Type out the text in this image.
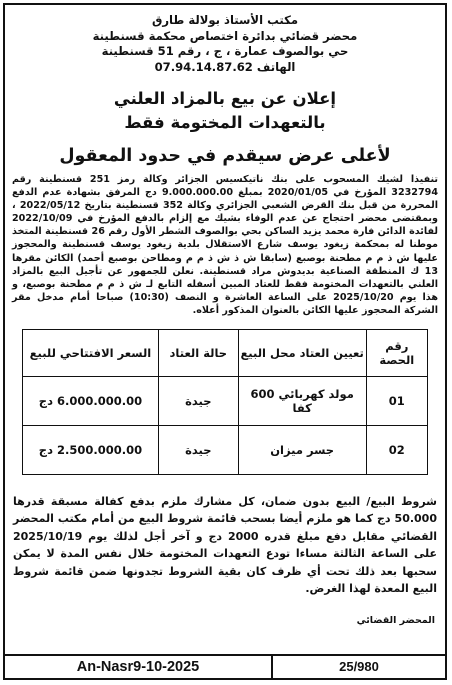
مكتب الأستاذ بولالة طارق
محضر قضائي بدائرة اختصاص محكمة قسنطينة
حي بوالصوف عمارة ، ج ، رقم 51 قسنطينة
الهاتف 07.94.14.87.62
إعلان عن بيع بالمزاد العلني
بالتعهدات المختومة فقط
لأعلى عرض سيقدم في حدود المعقول
تنفيذا لشيك المسحوب على بنك ناتيكسيس الجزائر وكالة رمز 251 قسنطينة رقم 3232794 المؤرخ في 2020/01/05 بمبلغ 9.000.000.00 دج المرفق بشهادة عدم الدفع المحررة من قبل بنك القرض الشعبي الجزائري وكالة 352 قسنطينة بتاريخ 2022/05/12 ، وبمقتضى محضر احتجاج عن عدم الوفاء بشيك مع إلزام بالدفع المؤرخ في 2022/10/09 لفائدة الدائن فارة محمد يزيد الساكن بحي بوالصوف الشطر الأول رقم 26 قسنطينة المتخذ موطنا له بمحكمة زيغود يوسف شارع الاستقلال بلدية زيغود يوسف قسنطينة والمحجوز عليها ش ذ م م مطحنة بوصبع (سابقا ش ذ ش ذ م م ومطاحن بوصبع أحمد) الكائن مقرها 13 ك المنطقة الصناعية بديدوش مراد قسنطينة. نعلن للجمهور عن تأجيل البيع بالمزاد العلني بالتعهدات المختومة فقط للعتاد المبين أسفله التابع لـ ش ذ م م مطحنة بوصبع، و هذا يوم 2025/10/20 على الساعة العاشرة و النصف (10:30) صباحا أمام مدخل مقر الشركة المحجوز عليها الكائن بالعنوان المذكور أعلاه.
رقم الحصة	تعيين العتاد محل البيع	حالة العتاد	السعر الافتتاحي للبيع
01	مولد كهربائي 600 كفا	جيدة	6.000.000.00 دج
02	جسر ميزان	جيدة	2.500.000.00 دج
شروط البيع/ البيع بدون ضمان، كل مشارك ملزم بدفع كفالة مسبقة قدرها 50.000 دج كما هو ملزم أيضا بسحب قائمة شروط البيع من أمام مكتب المحضر القضائي مقابل دفع مبلغ قدره 2000 دج و آخر أجل لذلك يوم 2025/10/19 على الساعة الثالثة مساءا تودع التعهدات المختومة خلال نفس المدة لا يمكن سحبها بعد ذلك تحت أي ظرف كان بقية الشروط تجدونها ضمن قائمة شروط البيع المعدة لهذا الغرض.
المحضر القضائي
An-Nasr9-10-2025	25/980
